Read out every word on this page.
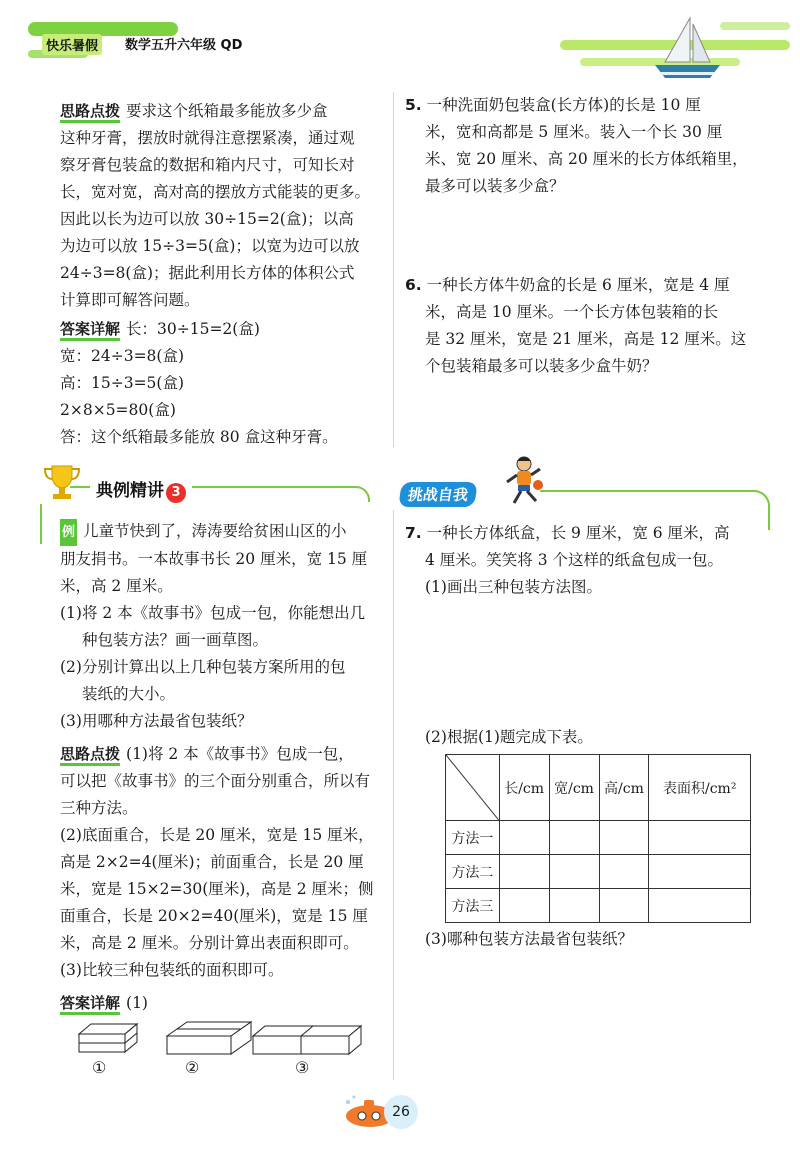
快乐暑假	数学五升六年级 QD
思路点拨 要求这个纸箱最多能放多少盒
这种牙膏，摆放时就得注意摆紧凑，通过观
察牙膏包装盒的数据和箱内尺寸，可知长对
长，宽对宽，高对高的摆放方式能装的更多。
因此以长为边可以放 30÷15=2(盒)；以高
为边可以放 15÷3=5(盒)；以宽为边可以放
24÷3=8(盒)；据此利用长方体的体积公式
计算即可解答问题。
答案详解 长：30÷15=2(盒)
宽：24÷3=8(盒)
高：15÷3=5(盒)
2×8×5=80(盒)
答：这个纸箱最多能放 80 盒这种牙膏。
5. 一种洗面奶包装盒(长方体)的长是 10 厘
米，宽和高都是 5 厘米。装入一个长 30 厘
米、宽 20 厘米、高 20 厘米的长方体纸箱里，
最多可以装多少盒？
6. 一种长方体牛奶盒的长是 6 厘米，宽是 4 厘
米，高是 10 厘米。一个长方体包装箱的长
是 32 厘米，宽是 21 厘米，高是 12 厘米。这
个包装箱最多可以装多少盒牛奶？
典例精讲 3
例 儿童节快到了，涛涛要给贫困山区的小
朋友捐书。一本故事书长 20 厘米，宽 15 厘
米，高 2 厘米。
(1)将 2 本《故事书》包成一包，你能想出几
种包装方法？画一画草图。
(2)分别计算出以上几种包装方案所用的包
装纸的大小。
(3)用哪种方法最省包装纸？
思路点拨 (1)将 2 本《故事书》包成一包，
可以把《故事书》的三个面分别重合，所以有
三种方法。
(2)底面重合，长是 20 厘米，宽是 15 厘米，
高是 2×2=4(厘米)；前面重合，长是 20 厘
米，宽是 15×2=30(厘米)，高是 2 厘米；侧
面重合，长是 20×2=40(厘米)，宽是 15 厘
米，高是 2 厘米。分别计算出表面积即可。
(3)比较三种包装纸的面积即可。
答案详解 (1)
①	②	③
挑战自我
7. 一种长方体纸盒，长 9 厘米，宽 6 厘米，高
4 厘米。笑笑将 3 个这样的纸盒包成一包。
(1)画出三种包装方法图。
(2)根据(1)题完成下表。
	长/cm	宽/cm	高/cm	表面积/cm²
方法一				
方法二				
方法三				
(3)哪种包装方法最省包装纸？
26
